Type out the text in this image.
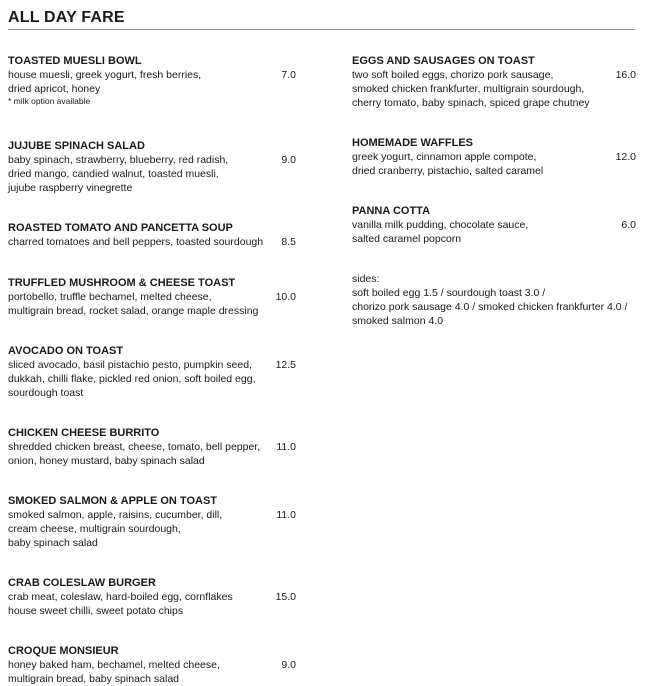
ALL DAY FARE
TOASTED MUESLI BOWL
house muesli, greek yogurt, fresh berries,
dried apricot, honey
* milk option available
7.0
JUJUBE SPINACH SALAD
baby spinach, strawberry, blueberry, red radish,
dried mango, candied walnut, toasted muesli,
jujube raspberry vinegrette
9.0
ROASTED TOMATO AND PANCETTA SOUP
charred tomatoes and bell peppers, toasted sourdough	8.5
TRUFFLED MUSHROOM & CHEESE TOAST
portobello, truffle bechamel, melted cheese,
multigrain bread, rocket salad, orange maple dressing
10.0
AVOCADO ON TOAST
sliced avocado, basil pistachio pesto, pumpkin seed,
dukkah, chilli flake, pickled red onion, soft boiled egg,
sourdough toast
12.5
CHICKEN CHEESE BURRITO
shredded chicken breast, cheese, tomato, bell pepper,
onion, honey mustard, baby spinach salad
11.0
SMOKED SALMON & APPLE ON TOAST
smoked salmon, apple, raisins, cucumber, dill,
cream cheese, multigrain sourdough,
baby spinach salad
11.0
CRAB COLESLAW BURGER
crab meat, coleslaw, hard-boiled egg, cornflakes
house sweet chilli, sweet potato chips
15.0
CROQUE MONSIEUR
honey baked ham, bechamel, melted cheese,
multigrain bread, baby spinach salad
9.0
EGGS AND SAUSAGES ON TOAST
two soft boiled eggs, chorizo pork sausage,
smoked chicken frankfurter, multigrain sourdough,
cherry tomato, baby spinach, spiced grape chutney
16.0
HOMEMADE WAFFLES
greek yogurt, cinnamon apple compote,
dried cranberry, pistachio, salted caramel
12.0
PANNA COTTA
vanilla milk pudding, chocolate sauce,
salted caramel popcorn
6.0
sides:
soft boiled egg 1.5 / sourdough toast 3.0 /
chorizo pork sausage 4.0 / smoked chicken frankfurter 4.0 /
smoked salmon 4.0
